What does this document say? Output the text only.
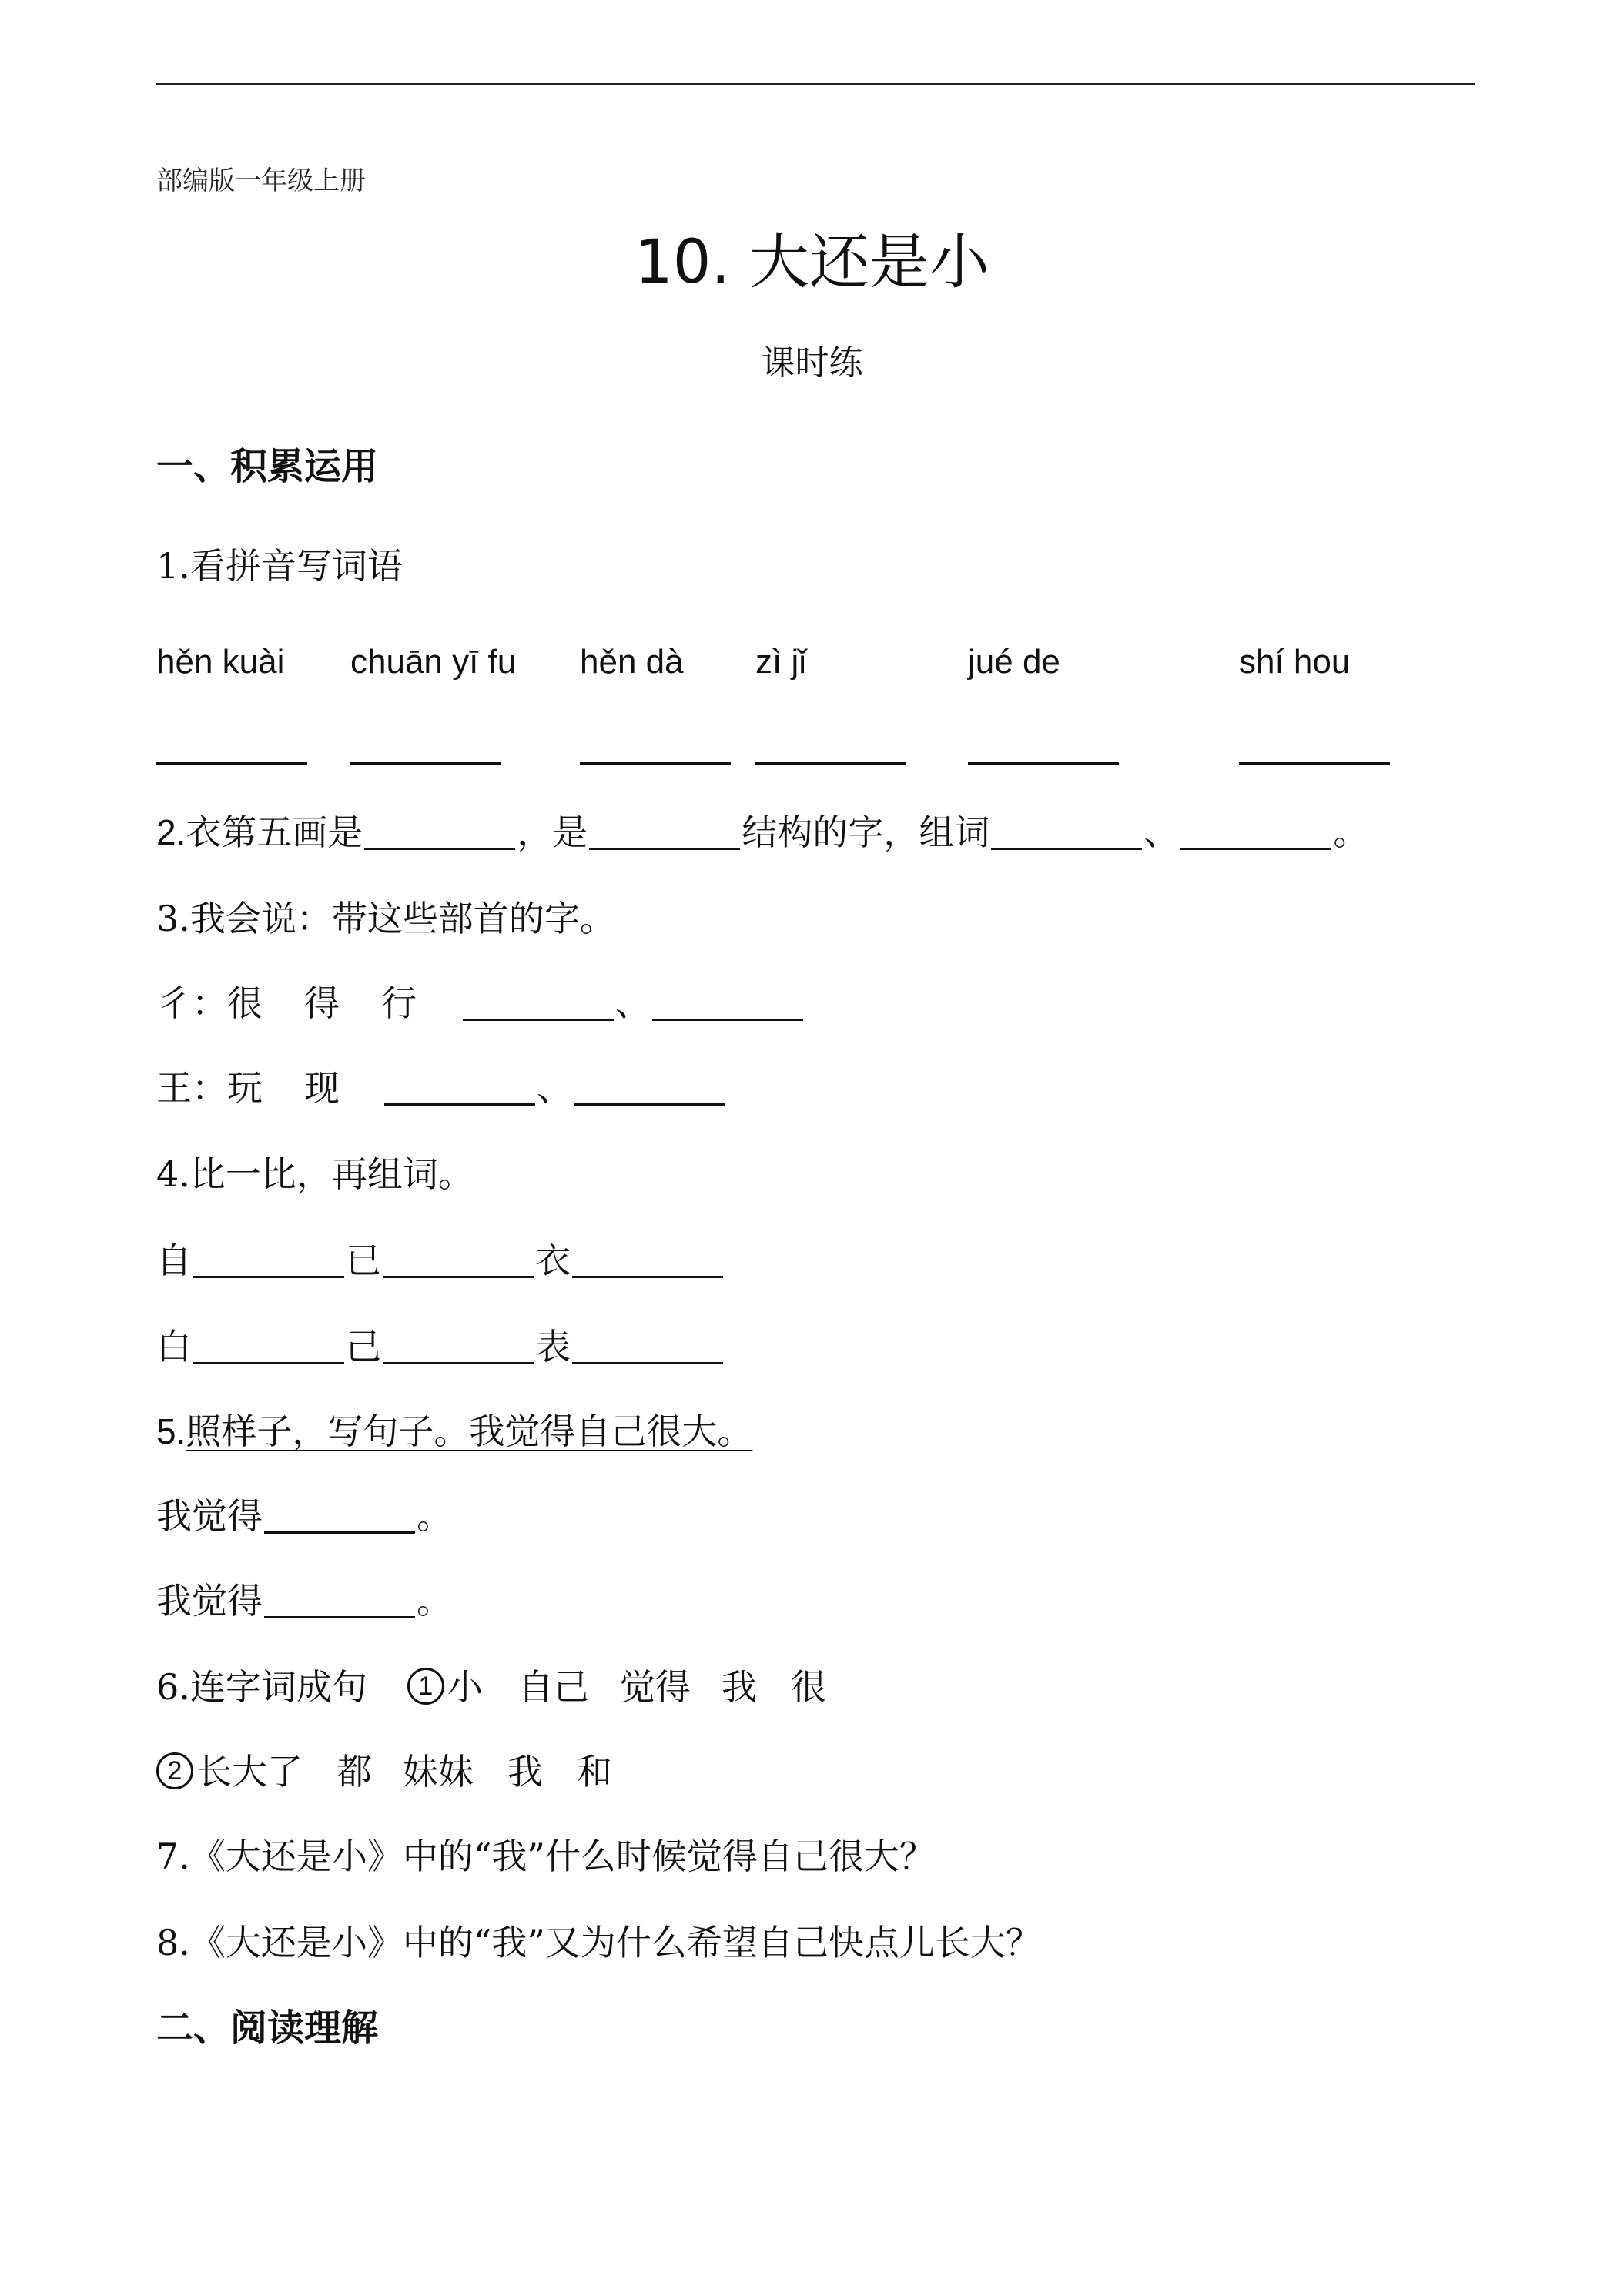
部编版一年级上册
10. 大还是小
课时练
一、积累运用
1.看拼音写词语
hěn kuài chuān yī fu hěn dà zì jǐ	jué de	shí hou
2. 衣第五画是	，是	结构的字，组词	、	。
3.我会说：带这些部首的字。
彳：很 得 行	、
王：玩 现	、
4.比一比，再组词。
自	已	衣
白	己	表
5. 照样子，写句子。我觉得自己很大。
我觉得	。
我觉得	。
6.连字词成句	1 小 自己 觉得 我 很
2 长大了 都 妹妹 我 和
7.《大还是小》中的“我”什么时候觉得自己很大？
8.《大还是小》中的“我”又为什么希望自己快点儿长大？
二、阅读理解
